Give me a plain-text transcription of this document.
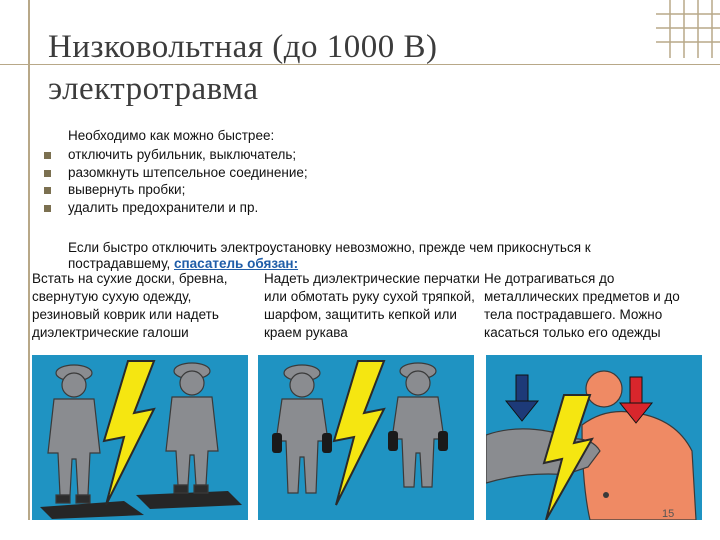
Низковольтная (до 1000 В)
электротравма
Необходимо как можно быстрее:
отключить рубильник, выключатель;
разомкнуть штепсельное соединение;
вывернуть пробки;
удалить предохранители и пр.
Если быстро отключить электроустановку невозможно, прежде чем прикоснуться к
пострадавшему, спасатель обязан:
Встать на сухие доски, бревна, свернутую сухую одежду, резиновый коврик или надеть диэлектрические галоши
Надеть диэлектрические перчатки или обмотать руку сухой тряпкой, шарфом, защитить кепкой или краем рукава
Не дотрагиваться до металлических предметов и до тела пострадавшего. Можно касаться только его одежды
15
